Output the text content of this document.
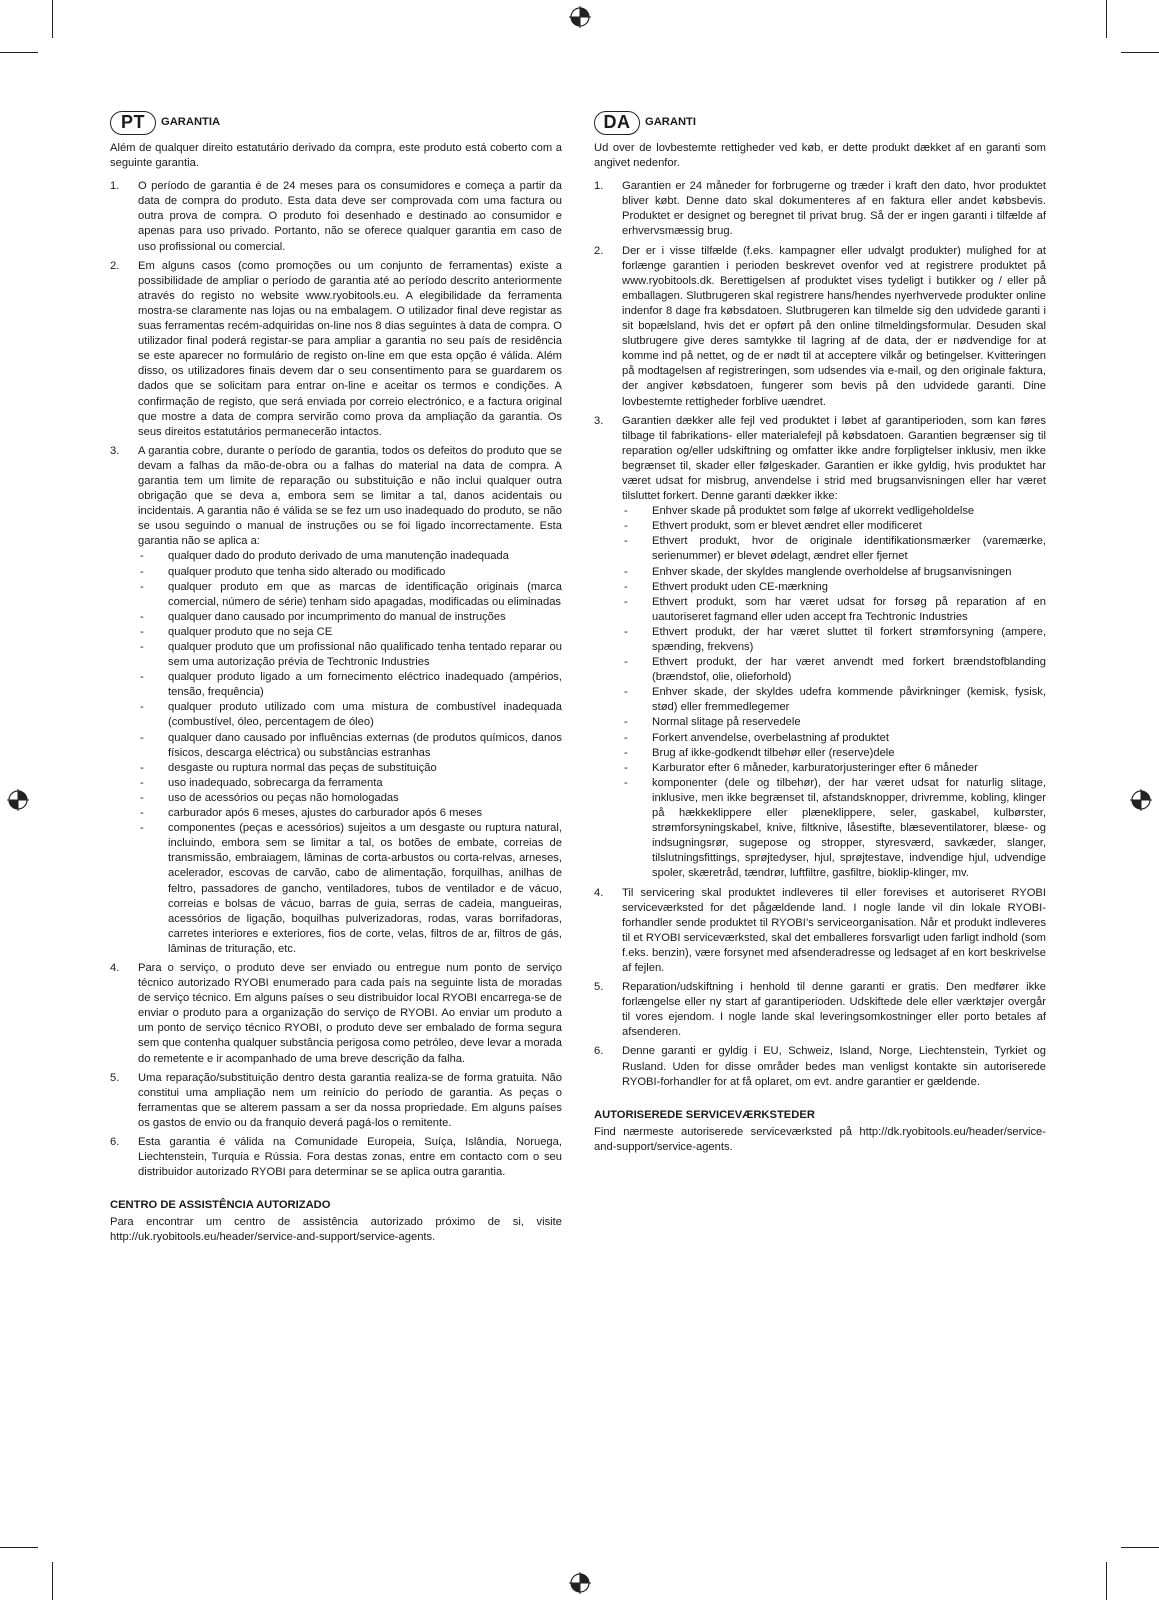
PT	GARANTIA

Além de qualquer direito estatutário derivado da compra, este produto está coberto com a seguinte garantia.

1. O período de garantia é de 24 meses para os consumidores e começa a partir da data de compra do produto. Esta data deve ser comprovada com uma factura ou outra prova de compra. O produto foi desenhado e destinado ao consumidor e apenas para uso privado. Portanto, não se oferece qualquer garantia em caso de uso profissional ou comercial.

2. Em alguns casos (como promoções ou um conjunto de ferramentas) existe a possibilidade de ampliar o período de garantia até ao período descrito anteriormente através do registo no website www.ryobitools.eu. A elegibilidade da ferramenta mostra-se claramente nas lojas ou na embalagem. O utilizador final deve registar as suas ferramentas recém-adquiridas on-line nos 8 dias seguintes à data de compra. O utilizador final poderá registar-se para ampliar a garantia no seu país de residência se este aparecer no formulário de registo on-line em que esta opção é válida. Além disso, os utilizadores finais devem dar o seu consentimento para se guardarem os dados que se solicitam para entrar on-line e aceitar os termos e condições. A confirmação de registo, que será enviada por correio electrónico, e a factura original que mostre a data de compra servirão como prova da ampliação da garantia. Os seus direitos estatutários permanecerão intactos.

3. A garantia cobre, durante o período de garantia, todos os defeitos do produto que se devam a falhas da mão-de-obra ou a falhas do material na data de compra. A garantia tem um limite de reparação ou substituição e não inclui qualquer outra obrigação que se deva a, embora sem se limitar a tal, danos acidentais ou incidentais. A garantia não é válida se se fez um uso inadequado do produto, se não se usou seguindo o manual de instruções ou se foi ligado incorrectamente. Esta garantia não se aplica a:

- qualquer dado do produto derivado de uma manutenção inadequada

- qualquer produto que tenha sido alterado ou modificado

- qualquer produto em que as marcas de identificação originais (marca comercial, número de série) tenham sido apagadas, modificadas ou eliminadas

- qualquer dano causado por incumprimento do manual de instruções

- qualquer produto que no seja CE

- qualquer produto que um profissional não qualificado tenha tentado reparar ou sem uma autorização prévia de Techtronic Industries

- qualquer produto ligado a um fornecimento eléctrico inadequado (ampérios, tensão, frequência)

- qualquer produto utilizado com uma mistura de combustível inadequada (combustível, óleo, percentagem de óleo)

- qualquer dano causado por influências externas (de produtos químicos, danos físicos, descarga eléctrica) ou substâncias estranhas

- desgaste ou ruptura normal das peças de substituição

- uso inadequado, sobrecarga da ferramenta

- uso de acessórios ou peças não homologadas

- carburador após 6 meses, ajustes do carburador após 6 meses

- componentes (peças e acessórios) sujeitos a um desgaste ou ruptura natural, incluindo, embora sem se limitar a tal, os botões de embate, correias de transmissão, embraiagem, lâminas de corta-arbustos ou corta-relvas, arneses, acelerador, escovas de carvão, cabo de alimentação, forquilhas, anilhas de feltro, passadores de gancho, ventiladores, tubos de ventilador e de vácuo, correias e bolsas de vácuo, barras de guia, serras de cadeia, mangueiras, acessórios de ligação, boquilhas pulverizadoras, rodas, varas borrifadoras, carretes interiores e exteriores, fios de corte, velas, filtros de ar, filtros de gás, lâminas de trituração, etc.

4. Para o serviço, o produto deve ser enviado ou entregue num ponto de serviço técnico autorizado RYOBI enumerado para cada país na seguinte lista de moradas de serviço técnico. Em alguns países o seu distribuidor local RYOBI encarrega-se de enviar o produto para a organização do serviço de RYOBI. Ao enviar um produto a um ponto de serviço técnico RYOBI, o produto deve ser embalado de forma segura sem que contenha qualquer substância perigosa como petróleo, deve levar a morada do remetente e ir acompanhado de uma breve descrição da falha.

5. Uma reparação/substituição dentro desta garantia realiza-se de forma gratuita. Não constitui uma ampliação nem um reinício do período de garantia. As peças o ferramentas que se alterem passam a ser da nossa propriedade. Em alguns países os gastos de envio ou da franquio deverá pagá-los o remitente.

6. Esta garantia é válida na Comunidade Europeia, Suíça, Islândia, Noruega, Liechtenstein, Turquia e Rússia. Fora destas zonas, entre em contacto com o seu distribuidor autorizado RYOBI para determinar se se aplica outra garantia.

CENTRO DE ASSISTÊNCIA AUTORIZADO

Para encontrar um centro de assistência autorizado próximo de si, visite http://uk.ryobitools.eu/header/service-and-support/service-agents.

DA	GARANTI

Ud over de lovbestemte rettigheder ved køb, er dette produkt dækket af en garanti som angivet nedenfor.

1. Garantien er 24 måneder for forbrugerne og træder i kraft den dato, hvor produktet bliver købt. Denne dato skal dokumenteres af en faktura eller andet købsbevis. Produktet er designet og beregnet til privat brug. Så der er ingen garanti i tilfælde af erhvervsmæssig brug.

2. Der er i visse tilfælde (f.eks. kampagner eller udvalgt produkter) mulighed for at forlænge garantien i perioden beskrevet ovenfor ved at registrere produktet på www.ryobitools.dk. Berettigelsen af produktet vises tydeligt i butikker og / eller på emballagen. Slutbrugeren skal registrere hans/hendes nyerhvervede produkter online indenfor 8 dage fra købsdatoen. Slutbrugeren kan tilmelde sig den udvidede garanti i sit bopælsland, hvis det er opført på den online tilmeldingsformular. Desuden skal slutbrugere give deres samtykke til lagring af de data, der er nødvendige for at komme ind på nettet, og de er nødt til at acceptere vilkår og betingelser. Kvitteringen på modtagelsen af registreringen, som udsendes via e-mail, og den originale faktura, der angiver købsdatoen, fungerer som bevis på den udvidede garanti. Dine lovbestemte rettigheder forblive uændret.

3. Garantien dækker alle fejl ved produktet i løbet af garantiperioden, som kan føres tilbage til fabrikations- eller materialefejl på købsdatoen. Garantien begrænser sig til reparation og/eller udskiftning og omfatter ikke andre forpligtelser inklusiv, men ikke begrænset til, skader eller følgeskader. Garantien er ikke gyldig, hvis produktet har været udsat for misbrug, anvendelse i strid med brugsanvisningen eller har været tilsluttet forkert. Denne garanti dækker ikke:

- Enhver skade på produktet som følge af ukorrekt vedligeholdelse

- Ethvert produkt, som er blevet ændret eller modificeret

- Ethvert produkt, hvor de originale identifikationsmærker (varemærke, serienummer) er blevet ødelagt, ændret eller fjernet

- Enhver skade, der skyldes manglende overholdelse af brugsanvisningen

- Ethvert produkt uden CE-mærkning

- Ethvert produkt, som har været udsat for forsøg på reparation af en uautoriseret fagmand eller uden accept fra Techtronic Industries

- Ethvert produkt, der har været sluttet til forkert strømforsyning (ampere, spænding, frekvens)

- Ethvert produkt, der har været anvendt med forkert brændstofblanding (brændstof, olie, olieforhold)

- Enhver skade, der skyldes udefra kommende påvirkninger (kemisk, fysisk, stød) eller fremmedlegemer

- Normal slitage på reservedele

- Forkert anvendelse, overbelastning af produktet

- Brug af ikke-godkendt tilbehør eller (reserve)dele

- Karburator efter 6 måneder, karburatorjusteringer efter 6 måneder

- komponenter (dele og tilbehør), der har været udsat for naturlig slitage, inklusive, men ikke begrænset til, afstandsknopper, drivremme, kobling, klinger på hækkeklippere eller plæneklippere, seler, gaskabel, kulbørster, strømforsyningskabel, knive, filtknive, låsestifte, blæseventilatorer, blæse- og indsugningsrør, sugepose og stropper, styresværd, savkæder, slanger, tilslutningsfittings, sprøjtedyser, hjul, sprøjtestave, indvendige hjul, udvendige spoler, skæretråd, tændrør, luftfiltre, gasfiltre, bioklip-klinger, mv.

4. Til servicering skal produktet indleveres til eller forevises et autoriseret RYOBI serviceværksted for det pågældende land. I nogle lande vil din lokale RYOBI-forhandler sende produktet til RYOBI’s serviceorganisation. Når et produkt indleveres til et RYOBI serviceværksted, skal det emballeres forsvarligt uden farligt indhold (som f.eks. benzin), være forsynet med afsenderadresse og ledsaget af en kort beskrivelse af fejlen.

5. Reparation/udskiftning i henhold til denne garanti er gratis. Den medfører ikke forlængelse eller ny start af garantiperioden. Udskiftede dele eller værktøjer overgår til vores ejendom. I nogle lande skal leveringsomkostninger eller porto betales af afsenderen.

6. Denne garanti er gyldig i EU, Schweiz, Island, Norge, Liechtenstein, Tyrkiet og Rusland. Uden for disse områder bedes man venligst kontakte sin autoriserede RYOBI-forhandler for at få oplaret, om evt. andre garantier er gældende.

AUTORISEREDE SERVICEVÆRKSTEDER

Find nærmeste autoriserede serviceværksted på http://dk.ryobitools.eu/header/service-and-support/service-agents.
